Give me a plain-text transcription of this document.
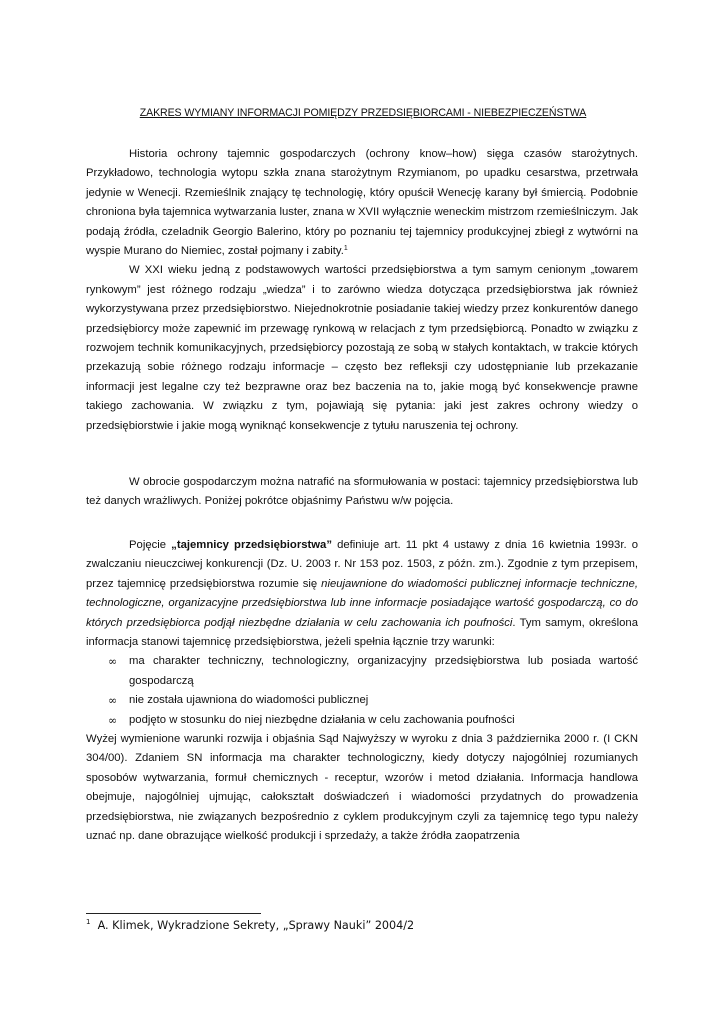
ZAKRES WYMIANY INFORMACJI POMIĘDZY PRZEDSIĘBIORCAMI - NIEBEZPIECZEŃSTWA

Historia ochrony tajemnic gospodarczych (ochrony know–how) sięga czasów starożytnych. Przykładowo, technologia wytopu szkła znana starożytnym Rzymianom, po upadku cesarstwa, przetrwała jedynie w Wenecji. Rzemieślnik znający tę technologię, który opuścił Wenecję karany był śmiercią. Podobnie chroniona była tajemnica wytwarzania luster, znana w XVII wyłącznie weneckim mistrzom rzemieślniczym. Jak podają źródła, czeladnik Georgio Balerino, który po poznaniu tej tajemnicy produkcyjnej zbiegł z wytwórni na wyspie Murano do Niemiec, został pojmany i zabity.$^1$

W XXI wieku jedną z podstawowych wartości przedsiębiorstwa a tym samym cenionym „towarem rynkowym” jest różnego rodzaju „wiedza” i to zarówno wiedza dotycząca przedsiębiorstwa jak również wykorzystywana przez przedsiębiorstwo. Niejednokrotnie posiadanie takiej wiedzy przez konkurentów danego przedsiębiorcy może zapewnić im przewagę rynkową w relacjach z tym przedsiębiorcą. Ponadto w związku z rozwojem technik komunikacyjnych, przedsiębiorcy pozostają ze sobą w stałych kontaktach, w trakcie których przekazują sobie różnego rodzaju informacje – często bez refleksji czy udostępnianie lub przekazanie informacji jest legalne czy też bezprawne oraz bez baczenia na to, jakie mogą być konsekwencje prawne takiego zachowania. W związku z tym, pojawiają się pytania: jaki jest zakres ochrony wiedzy o przedsiębiorstwie i jakie mogą wyniknąć konsekwencje z tytułu naruszenia tej ochrony.

W obrocie gospodarczym można natrafić na sformułowania w postaci: tajemnicy przedsiębiorstwa lub też danych wrażliwych. Poniżej pokrótce objaśnimy Państwu w/w pojęcia.

Pojęcie „tajemnicy przedsiębiorstwa” definiuje art. 11 pkt 4 ustawy z dnia 16 kwietnia 1993r. o zwalczaniu nieuczciwej konkurencji (Dz. U. 2003 r. Nr 153 poz. 1503, z późn. zm.). Zgodnie z tym przepisem, przez tajemnicę przedsiębiorstwa rozumie się nieujawnione do wiadomości publicznej informacje techniczne, technologiczne, organizacyjne przedsiębiorstwa lub inne informacje posiadające wartość gospodarczą, co do których przedsiębiorca podjął niezbędne działania w celu zachowania ich poufności. Tym samym, określona informacja stanowi tajemnicę przedsiębiorstwa, jeżeli spełnia łącznie trzy warunki:

∞ ma charakter techniczny, technologiczny, organizacyjny przedsiębiorstwa lub posiada wartość gospodarczą
∞ nie została ujawniona do wiadomości publicznej
∞ podjęto w stosunku do niej niezbędne działania w celu zachowania poufności

Wyżej wymienione warunki rozwija i objaśnia Sąd Najwyższy w wyroku z dnia 3 października 2000 r. (I CKN 304/00). Zdaniem SN informacja ma charakter technologiczny, kiedy dotyczy najogólniej rozumianych sposobów wytwarzania, formuł chemicznych - receptur, wzorów i metod działania. Informacja handlowa obejmuje, najogólniej ujmując, całokształt doświadczeń i wiadomości przydatnych do prowadzenia przedsiębiorstwa, nie związanych bezpośrednio z cyklem produkcyjnym czyli za tajemnicę tego typu należy uznać np. dane obrazujące wielkość produkcji i sprzedaży, a także źródła zaopatrzenia

$^1$ A. Klimek, Wykradzione Sekrety, „Sprawy Nauki” 2004/2
